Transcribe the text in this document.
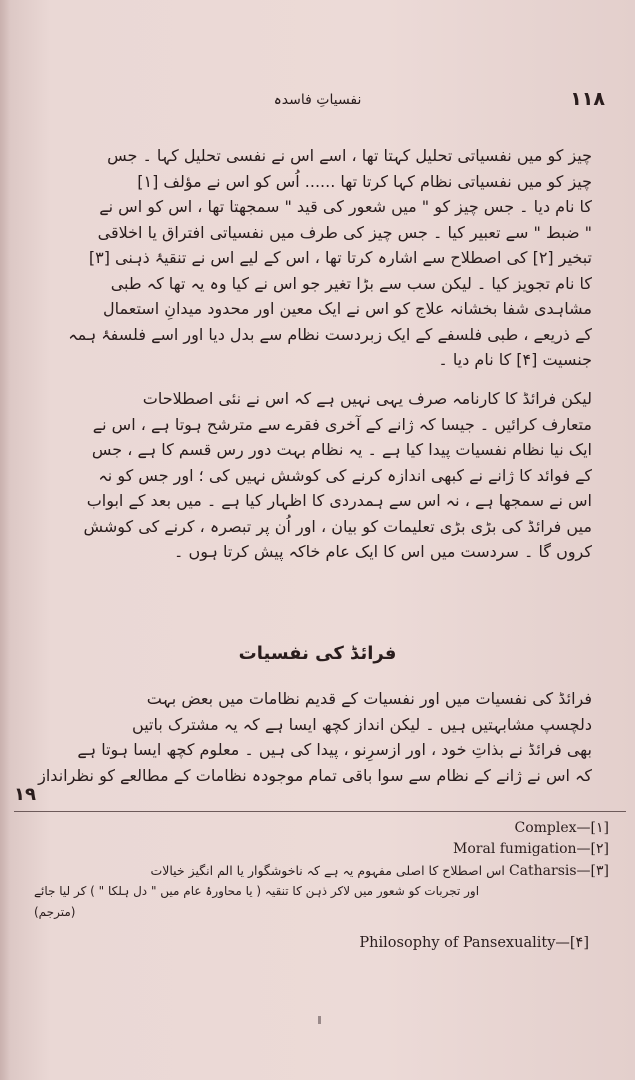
۱۱۸
نفسیاتِ فاسدہ
چیز کو میں نفسیاتی تحلیل کہتا تھا ، اسے اس نے نفسی تحلیل کہا ۔ جس
چیز کو میں نفسیاتی نظام کہا کرتا تھا ...... اُس کو اس نے مؤلف [۱]
کا نام دیا ۔ جس چیز کو " میں شعور کی قید " سمجھتا تھا ، اس کو اس نے
" ضبط " سے تعبیر کیا ۔ جس چیز کی طرف میں نفسیاتی افتراق یا اخلاقی
تبخیر [۲] کی اصطلاح سے اشارہ کرتا تھا ، اس کے لیے اس نے تنقیۂ ذہنی [۳]
کا نام تجویز کیا ۔ لیکن سب سے بڑا تغیر جو اس نے کیا وہ یہ تھا کہ طبی
مشاہدی شفا بخشانہ علاج کو اس نے ایک معین اور محدود میدانِ استعمال
کے ذریعے ، طبی فلسفے کے ایک زبردست نظام سے بدل دیا اور اسے فلسفۂ ہمہ
جنسیت [۴] کا نام دیا ۔
لیکن فرائڈ کا کارنامہ صرف یہی نہیں ہے کہ اس نے نئی اصطلاحات
متعارف کرائیں ۔ جیسا کہ ژانے کے آخری فقرے سے مترشح ہوتا ہے ، اس نے
ایک نیا نظام نفسیات پیدا کیا ہے ۔ یہ نظام بہت دور رس قسم کا ہے ، جس
کے فوائد کا ژانے نے کبھی اندازہ کرنے کی کوشش نہیں کی ؛ اور جس کو نہ
اس نے سمجھا ہے ، نہ اس سے ہمدردی کا اظہار کیا ہے ۔ میں بعد کے ابواب
میں فرائڈ کی بڑی بڑی تعلیمات کو بیان ، اور اُن پر تبصرہ ، کرنے کی کوشش
کروں گا ۔ سردست میں اس کا ایک عام خاکہ پیش کرتا ہوں ۔
فرائڈ کی نفسیات
فرائڈ کی نفسیات میں اور نفسیات کے قدیم نظامات میں بعض بہت
دلچسپ مشابہتیں ہیں ۔ لیکن انداز کچھ ایسا ہے کہ یہ مشترک باتیں
بھی فرائڈ نے بذاتِ خود ، اور ازسرِنو ، پیدا کی ہیں ۔ معلوم کچھ ایسا ہوتا ہے
کہ اس نے ژانے کے نظام سے سوا باقی تمام موجودہ نظامات کے مطالعے کو نظرانداز
۱۹
Complex—[۱]
Moral fumigation—[۲]
اس اصطلاح کا اصلی مفہوم یہ ہے کہ ناخوشگوار یا الم انگیز خیالات Catharsis—[۳]
اور تجربات کو شعور میں لاکر ذہن کا تنقیہ ( یا محاورۂ عام میں " دل ہلکا " ) کر لیا جائے
(مترجم)
Philosophy of Pansexuality—[۴]
